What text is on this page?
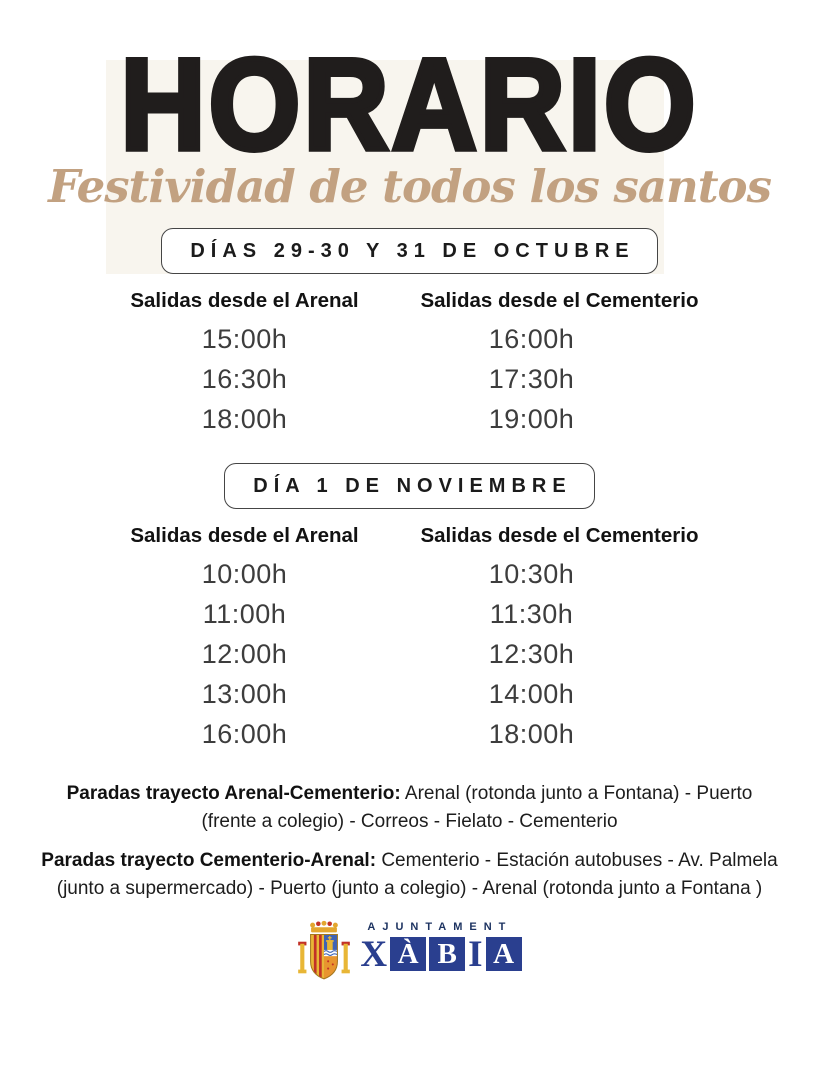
HORARIO
Festividad de todos los santos
DÍAS 29-30 Y 31 DE OCTUBRE
Salidas desde el Arenal	Salidas desde el Cementerio
15:00h	16:00h
16:30h	17:30h
18:00h	19:00h
DÍA 1 DE NOVIEMBRE
Salidas desde el Arenal	Salidas desde el Cementerio
10:00h	10:30h
11:00h	11:30h
12:00h	12:30h
13:00h	14:00h
16:00h	18:00h

Paradas trayecto Arenal-Cementerio: Arenal (rotonda junto a Fontana) - Puerto (frente a colegio) - Correos - Fielato - Cementerio

Paradas trayecto Cementerio-Arenal: Cementerio - Estación autobuses - Av. Palmela (junto a supermercado) - Puerto (junto a colegio) - Arenal (rotonda junto a Fontana )

AJUNTAMENT
X À B I A
